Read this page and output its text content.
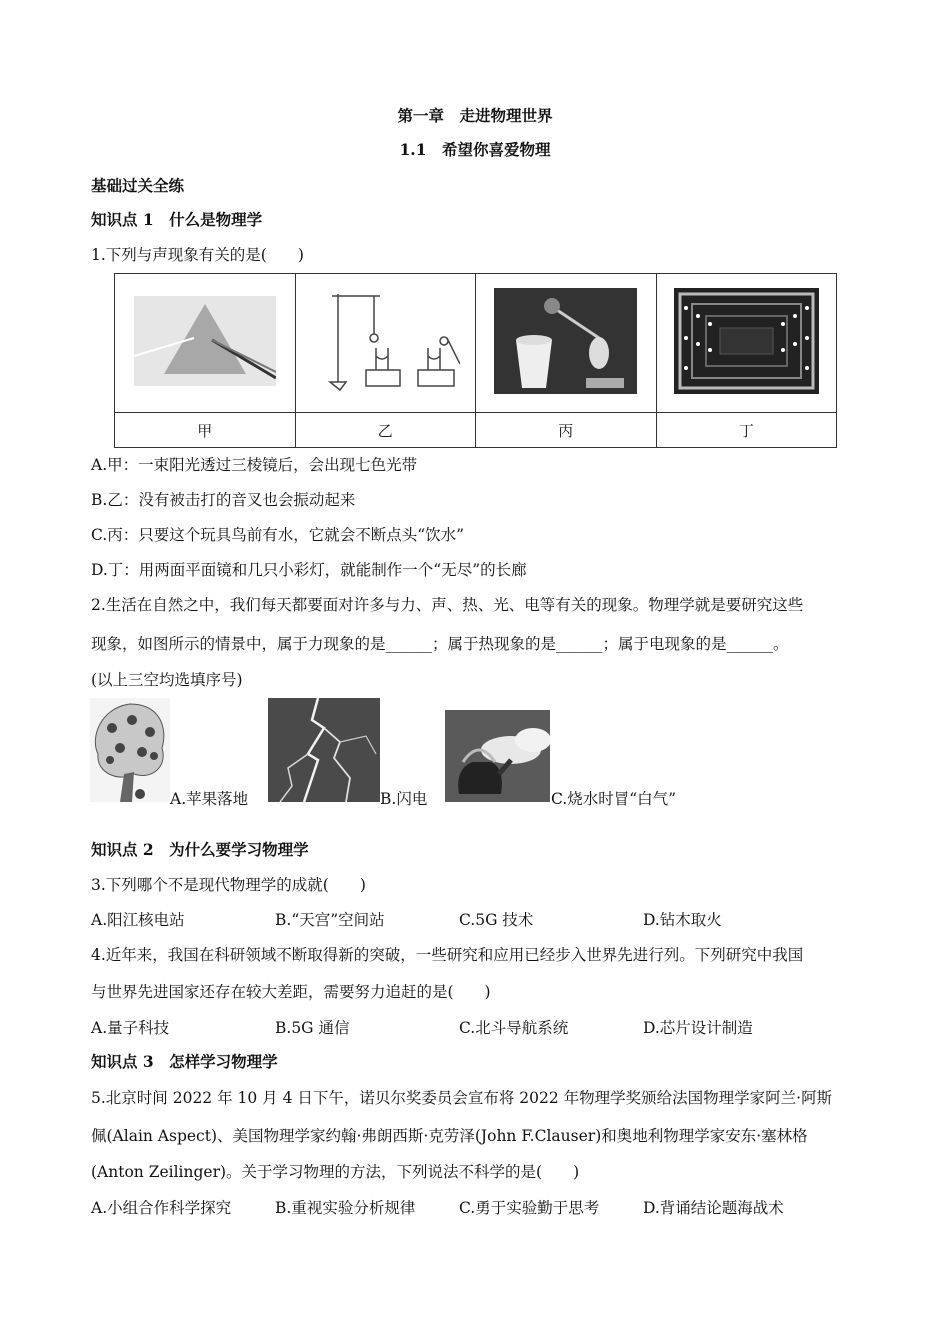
第一章　走进物理世界
1.1　希望你喜爱物理
基础过关全练
知识点 1　什么是物理学
1.下列与声现象有关的是(　　)

甲	乙	丙	丁
A.甲：一束阳光透过三棱镜后，会出现七色光带
B.乙：没有被击打的音叉也会振动起来
C.丙：只要这个玩具鸟前有水，它就会不断点头“饮水”
D.丁：用两面平面镜和几只小彩灯，就能制作一个“无尽”的长廊
2.生活在自然之中，我们每天都要面对许多与力、声、热、光、电等有关的现象。物理学就是要研究这些
现象，如图所示的情景中，属于力现象的是______；属于热现象的是______；属于电现象的是______。
(以上三空均选填序号)
A.苹果落地	B.闪电	C.烧水时冒“白气”
知识点 2　为什么要学习物理学
3.下列哪个不是现代物理学的成就(　　)
A.阳江核电站	B.“天宫”空间站	C.5G 技术	D.钻木取火
4.近年来，我国在科研领域不断取得新的突破，一些研究和应用已经步入世界先进行列。下列研究中我国
与世界先进国家还存在较大差距，需要努力追赶的是(　　)
A.量子科技	B.5G 通信	C.北斗导航系统	D.芯片设计制造
知识点 3　怎样学习物理学
5.北京时间 2022 年 10 月 4 日下午，诺贝尔奖委员会宣布将 2022 年物理学奖颁给法国物理学家阿兰·阿斯
佩(Alain Aspect)、美国物理学家约翰·弗朗西斯·克劳泽(John F.Clauser)和奥地利物理学家安东·塞林格
(Anton Zeilinger)。关于学习物理的方法，下列说法不科学的是(　　)
A.小组合作科学探究	B.重视实验分析规律	C.勇于实验勤于思考	D.背诵结论题海战术
